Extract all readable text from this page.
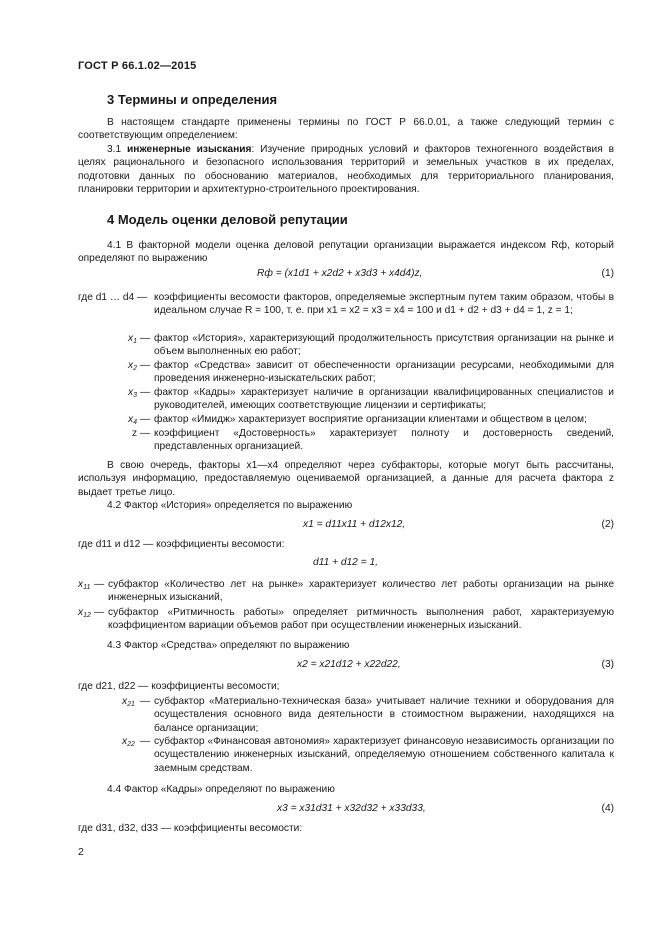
ГОСТ Р 66.1.02—2015
3 Термины и определения
В настоящем стандарте применены термины по ГОСТ Р 66.0.01, а также следующий термин с соответствующим определением:
3.1 инженерные изыскания: Изучение природных условий и факторов техногенного воздействия в целях рационального и безопасного использования территорий и земельных участков в их пределах, подготовки данных по обоснованию материалов, необходимых для территориального планирования, планировки территории и архитектурно-строительного проектирования.
4 Модель оценки деловой репутации
4.1 В факторной модели оценка деловой репутации организации выражается индексом Rф, который определяют по выражению
Rф = (x1d1 + x2d2 + x3d3 + x4d4)z,	(1)
где d1 … d4 — коэффициенты весомости факторов, определяемые экспертным путем таким образом, чтобы в идеальном случае R = 100, т. е. при x1 = x2 = x3 = x4 = 100 и d1 + d2 + d3 + d4 = 1, z = 1;
$x_1$ — фактор «История», характеризующий продолжительность присутствия организации на рынке и объем выполненных ею работ;
$x_2$ — фактор «Средства» зависит от обеспеченности организации ресурсами, необходимыми для проведения инженерно-изыскательских работ;
$x_3$ — фактор «Кадры» характеризует наличие в организации квалифицированных специалистов и руководителей, имеющих соответствующие лицензии и сертификаты;
$x_4$ — фактор «Имидж» характеризует восприятие организации клиентами и обществом в целом;
z — коэффициент «Достоверность» характеризует полноту и достоверность сведений, представленных организацией.
В свою очередь, факторы x1—x4 определяют через субфакторы, которые могут быть рассчитаны, используя информацию, предоставляемую оцениваемой организацией, а данные для расчета фактора z выдает третье лицо.
4.2 Фактор «История» определяется по выражению
x1 = d11x11 + d12x12,	(2)
где d11 и d12 — коэффициенты весомости:
d11 + d12 = 1,
$x_{11}$ — субфактор «Количество лет на рынке» характеризует количество лет работы организации на рынке инженерных изысканий,
$x_{12}$ — субфактор «Ритмичность работы» определяет ритмичность выполнения работ, характеризуемую коэффициентом вариации объемов работ при осуществлении инженерных изысканий.
4.3 Фактор «Средства» определяют по выражению
x2 = x21d12 + x22d22,	(3)
где d21, d22 — коэффициенты весомости;
$x_{21}$ — субфактор «Материально-техническая база» учитывает наличие техники и оборудования для осуществления основного вида деятельности в стоимостном выражении, находящихся на балансе организации;
$x_{22}$ — субфактор «Финансовая автономия» характеризует финансовую независимость организации по осуществлению инженерных изысканий, определяемую отношением собственного капитала к заемным средствам.
4.4 Фактор «Кадры» определяют по выражению
x3 = x31d31 + x32d32 + x33d33,	(4)
где d31, d32, d33 — коэффициенты весомости:
2
